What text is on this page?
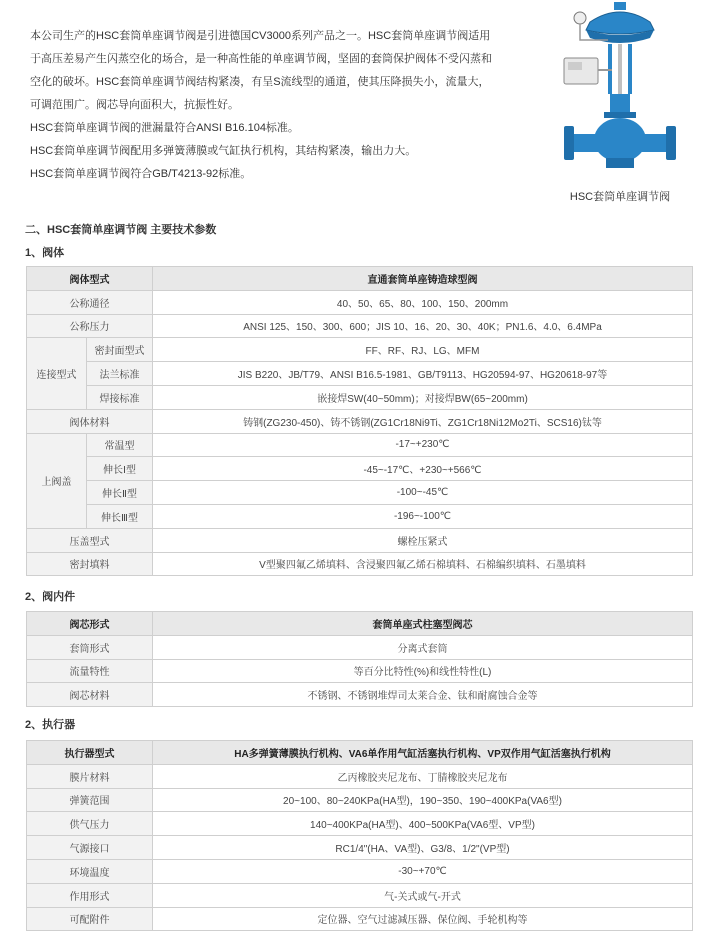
本公司生产的HSC套筒单座调节阀是引进德国CV3000系列产品之一。HSC套筒单座调节阀适用

于高压差易产生闪蒸空化的场合，是一种高性能的单座调节阀，坚固的套筒保护阀体不受闪蒸和

空化的破坏。HSC套筒单座调节阀结构紧凑，有呈S流线型的通道，使其压降损失小，流量大，

可调范围广。阀芯导向面积大，抗振性好。

HSC套筒单座调节阀的泄漏量符合ANSI B16.104标准。

HSC套筒单座调节阀配用多弹簧薄膜或气缸执行机构，其结构紧凑，输出力大。

HSC套筒单座调节阀符合GB/T4213-92标准。

HSC套筒单座调节阀
二、HSC套筒单座调节阀 主要技术参数
1、阀体
阀体型式		直通套筒单座铸造球型阀
公称通径		40、50、65、80、100、150、200mm
公称压力		ANSI 125、150、300、600；JIS 10、16、20、30、40K；PN1.6、4.0、6.4MPa
连接型式	密封面型式	FF、RF、RJ、LG、MFM
	法兰标准	JIS B220、JB/T79、ANSI B16.5-1981、GB/T9113、HG20594-97、HG20618-97等
	焊接标准	嵌接焊SW(40~50mm)；对接焊BW(65~200mm)
阀体材料		铸钢(ZG230-450)、铸不锈钢(ZG1Cr18Ni9Ti、ZG1Cr18Ni12Mo2Ti、SCS16)钛等
上阀盖	常温型	-17~+230℃
	伸长Ⅰ型	-45~-17℃、+230~+566℃
	伸长Ⅱ型	-100~-45℃
	伸长Ⅲ型	-196~-100℃
压盖型式		螺栓压紧式
密封填料		V型聚四氟乙烯填料、含浸聚四氟乙烯石棉填料、石棉编织填料、石墨填料
2、阀内件
阀芯形式	套筒单座式柱塞型阀芯
套筒形式	分离式套筒
流量特性	等百分比特性(%)和线性特性(L)
阀芯材料	不锈钢、不锈钢堆焊司太莱合金、钛和耐腐蚀合金等
2、执行器
执行器型式	HA多弹簧薄膜执行机构、VA6单作用气缸活塞执行机构、VP双作用气缸活塞执行机构
膜片材料	乙丙橡胶夹尼龙布、丁腈橡胶夹尼龙布
弹簧范围	20~100、80~240KPa(HA型)，190~350、190~400KPa(VA6型)
供气压力	140~400KPa(HA型)、400~500KPa(VA6型、VP型)
气源接口	RC1/4"(HA、VA型)、G3/8、1/2"(VP型)
环境温度	-30~+70℃
作用形式	气-关式或气-开式
可配附件	定位器、空气过滤减压器、保位阀、手轮机构等
